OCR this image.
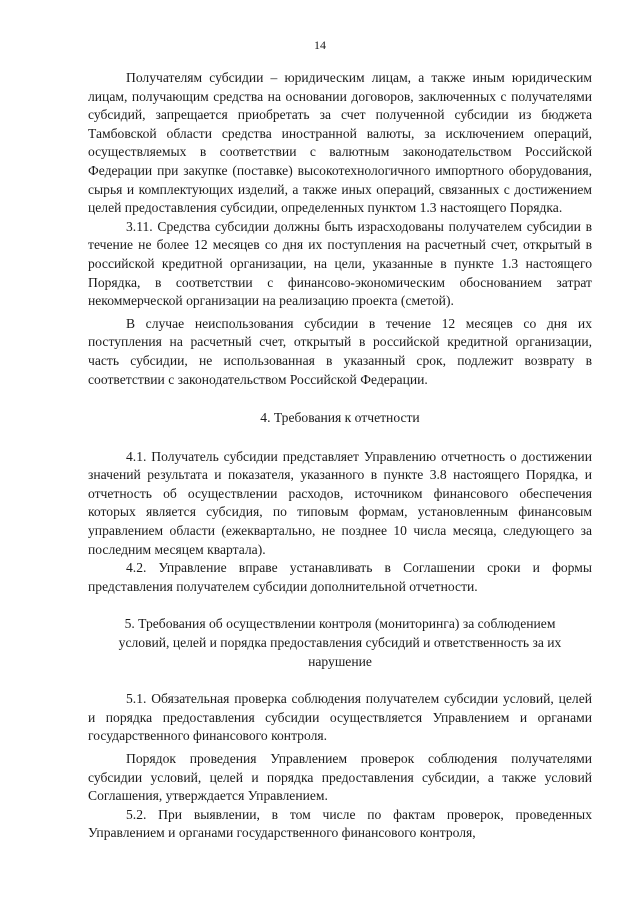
14

Получателям субсидии – юридическим лицам, а также иным юридическим лицам, получающим средства на основании договоров, заключенных с получателями субсидий, запрещается приобретать за счет полученной субсидии из бюджета Тамбовской области средства иностранной валюты, за исключением операций, осуществляемых в соответствии с валютным законодательством Российской Федерации при закупке (поставке) высокотехнологичного импортного оборудования, сырья и комплектующих изделий, а также иных операций, связанных с достижением целей предоставления субсидии, определенных пунктом 1.3 настоящего Порядка.

3.11. Средства субсидии должны быть израсходованы получателем субсидии в течение не более 12 месяцев со дня их поступления на расчетный счет, открытый в российской кредитной организации, на цели, указанные в пункте 1.3 настоящего Порядка, в соответствии с финансово-экономическим обоснованием затрат некоммерческой организации на реализацию проекта (сметой).

В случае неиспользования субсидии в течение 12 месяцев со дня их поступления на расчетный счет, открытый в российской кредитной организации, часть субсидии, не использованная в указанный срок, подлежит возврату в соответствии с законодательством Российской Федерации.

4. Требования к отчетности

4.1. Получатель субсидии представляет Управлению отчетность о достижении значений результата и показателя, указанного в пункте 3.8 настоящего Порядка, и отчетность об осуществлении расходов, источником финансового обеспечения которых является субсидия, по типовым формам, установленным финансовым управлением области (ежеквартально, не позднее 10 числа месяца, следующего за последним месяцем квартала).

4.2. Управление вправе устанавливать в Соглашении сроки и формы представления получателем субсидии дополнительной отчетности.

5. Требования об осуществлении контроля (мониторинга) за соблюдением условий, целей и порядка предоставления субсидий и ответственность за их нарушение

5.1. Обязательная проверка соблюдения получателем субсидии условий, целей и порядка предоставления субсидии осуществляется Управлением и органами государственного финансового контроля.

Порядок проведения Управлением проверок соблюдения получателями субсидии условий, целей и порядка предоставления субсидии, а также условий Соглашения, утверждается Управлением.

5.2. При выявлении, в том числе по фактам проверок, проведенных Управлением и органами государственного финансового контроля,
